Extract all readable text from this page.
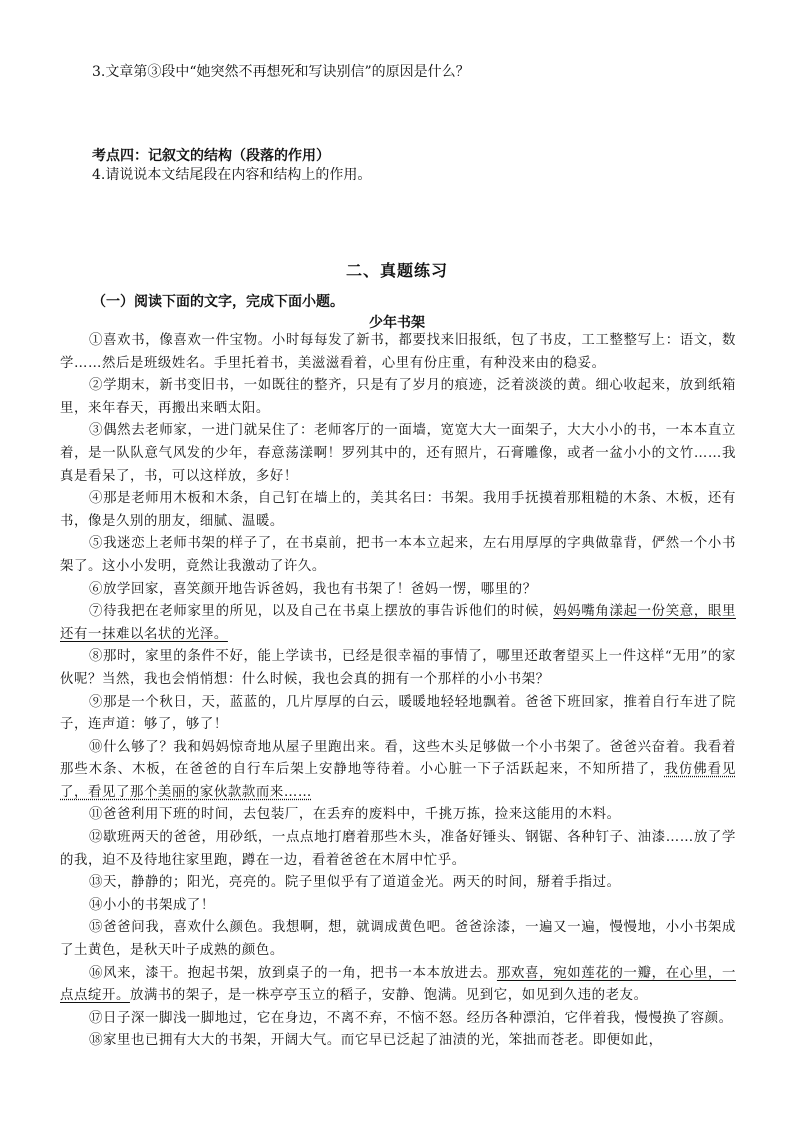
3.文章第③段中“她突然不再想死和写诀别信”的原因是什么？
考点四：记叙文的结构（段落的作用）
4.请说说本文结尾段在内容和结构上的作用。
二、真题练习
（一）阅读下面的文字，完成下面小题。
少年书架

①喜欢书，像喜欢一件宝物。小时每每发了新书，都要找来旧报纸，包了书皮，工工整整写上：语文，数学……然后是班级姓名。手里托着书，美滋滋看着，心里有份庄重，有种没来由的稳妥。

②学期末，新书变旧书，一如既往的整齐，只是有了岁月的痕迹，泛着淡淡的黄。细心收起来，放到纸箱里，来年春天，再搬出来晒太阳。

③偶然去老师家，一进门就呆住了：老师客厅的一面墙，宽宽大大一面架子，大大小小的书，一本本直立着，是一队队意气风发的少年，春意荡漾啊！罗列其中的，还有照片，石膏雕像，或者一盆小小的文竹……我真是看呆了，书，可以这样放，多好！

④那是老师用木板和木条，自己钉在墙上的，美其名曰：书架。我用手抚摸着那粗糙的木条、木板，还有书，像是久别的朋友，细腻、温暖。

⑤我迷恋上老师书架的样子了，在书桌前，把书一本本立起来，左右用厚厚的字典做靠背，俨然一个小书架了。这小小发明，竟然让我激动了许久。

⑥放学回家，喜笑颜开地告诉爸妈，我也有书架了！爸妈一愣，哪里的？

⑦待我把在老师家里的所见，以及自己在书桌上摆放的事告诉他们的时候，妈妈嘴角漾起一份笑意，眼里还有一抹难以名状的光泽。

⑧那时，家里的条件不好，能上学读书，已经是很幸福的事情了，哪里还敢奢望买上一件这样“无用”的家伙呢？当然，我也会悄悄想：什么时候，我也会真的拥有一个那样的小小书架？

⑨那是一个秋日，天，蓝蓝的，几片厚厚的白云，暖暖地轻轻地飘着。爸爸下班回家，推着自行车进了院子，连声道：够了，够了！

⑩什么够了？我和妈妈惊奇地从屋子里跑出来。看，这些木头足够做一个小书架了。爸爸兴奋着。我看着那些木条、木板，在爸爸的自行车后架上安静地等待着。小心脏一下子活跃起来，不知所措了，我仿佛看见了，看见了那个美丽的家伙款款而来……

⑪爸爸利用下班的时间，去包装厂，在丢弃的废料中，千挑万拣，捡来这能用的木料。

⑫歇班两天的爸爸，用砂纸，一点点地打磨着那些木头，准备好锤头、钢锯、各种钉子、油漆……放了学的我，迫不及待地往家里跑，蹲在一边，看着爸爸在木屑中忙乎。

⑬天，静静的；阳光，亮亮的。院子里似乎有了道道金光。两天的时间，掰着手指过。

⑭小小的书架成了！

⑮爸爸问我，喜欢什么颜色。我想啊，想，就调成黄色吧。爸爸涂漆，一遍又一遍，慢慢地，小小书架成了土黄色，是秋天叶子成熟的颜色。

⑯风来，漆干。抱起书架，放到桌子的一角，把书一本本放进去。那欢喜，宛如莲花的一瓣，在心里，一点点绽开。放满书的架子，是一株亭亭玉立的稻子，安静、饱满。见到它，如见到久违的老友。

⑰日子深一脚浅一脚地过，它在身边，不离不弃，不恼不怒。经历各种漂泊，它伴着我，慢慢换了容颜。

⑱家里也已拥有大大的书架，开阔大气。而它早已泛起了油渍的光，笨拙而苍老。即便如此，
